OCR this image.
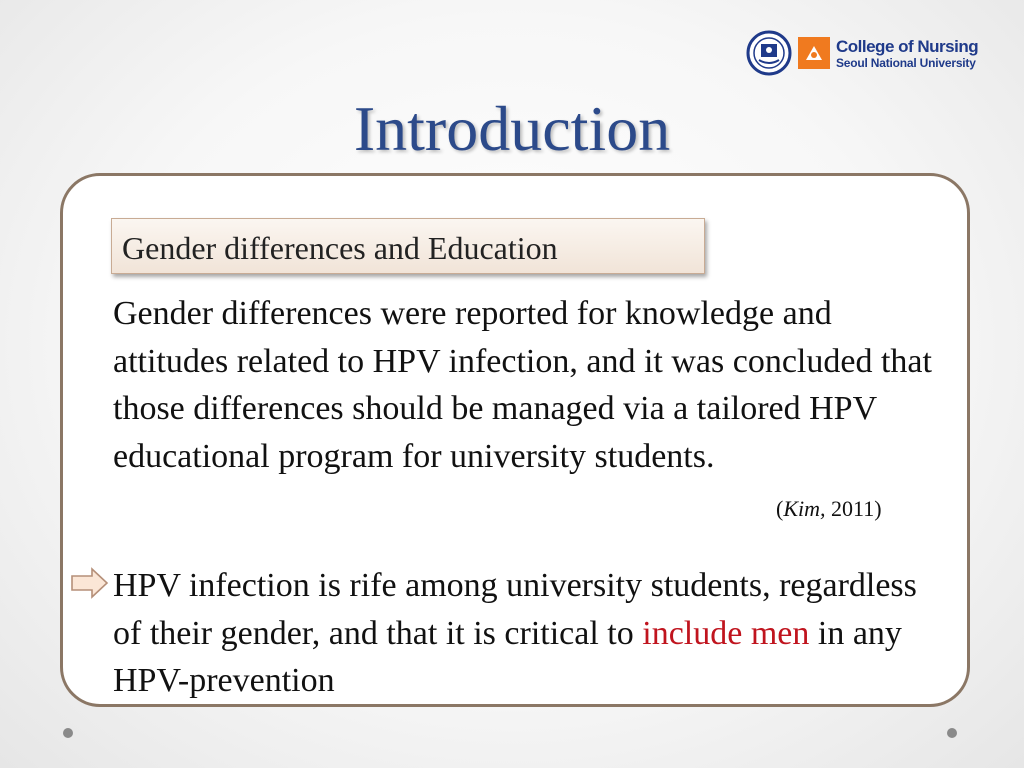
College of Nursing
Seoul National University
Introduction
Gender differences and Education

Gender differences were reported for knowledge and attitudes related to HPV infection, and it was concluded that those differences should be managed via a tailored HPV educational program for university students.

(Kim, 2011)

HPV infection is rife among university students, regardless of their gender, and that it is critical to include men in any HPV-prevention
